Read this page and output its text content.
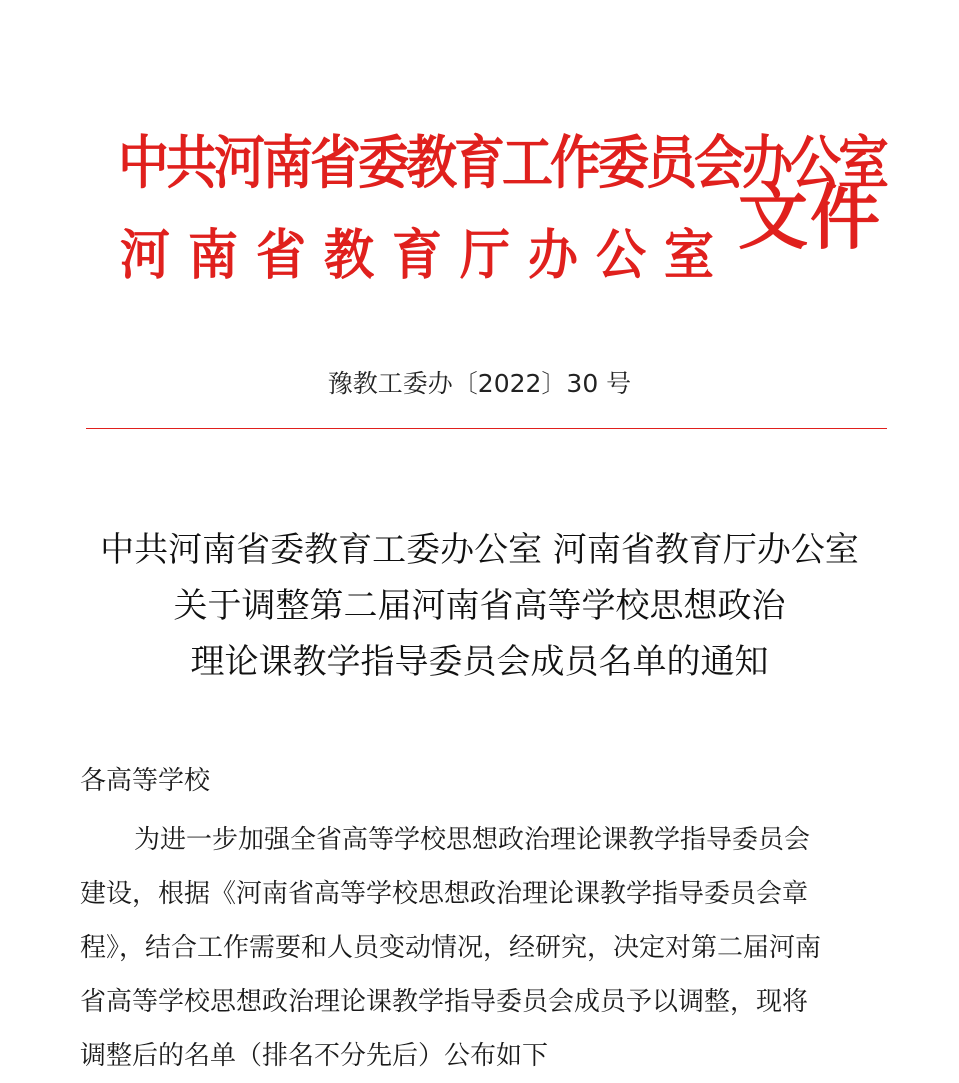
中共河南省委教育工作委员会办公室
河南省教育厅办公室 文件
豫教工委办〔2022〕30 号
中共河南省委教育工委办公室 河南省教育厅办公室
关于调整第二届河南省高等学校思想政治
理论课教学指导委员会成员名单的通知
各高等学校
为进一步加强全省高等学校思想政治理论课教学指导委员会
建设，根据《河南省高等学校思想政治理论课教学指导委员会章
程》，结合工作需要和人员变动情况，经研究，决定对第二届河南
省高等学校思想政治理论课教学指导委员会成员予以调整，现将
调整后的名单（排名不分先后）公布如下
